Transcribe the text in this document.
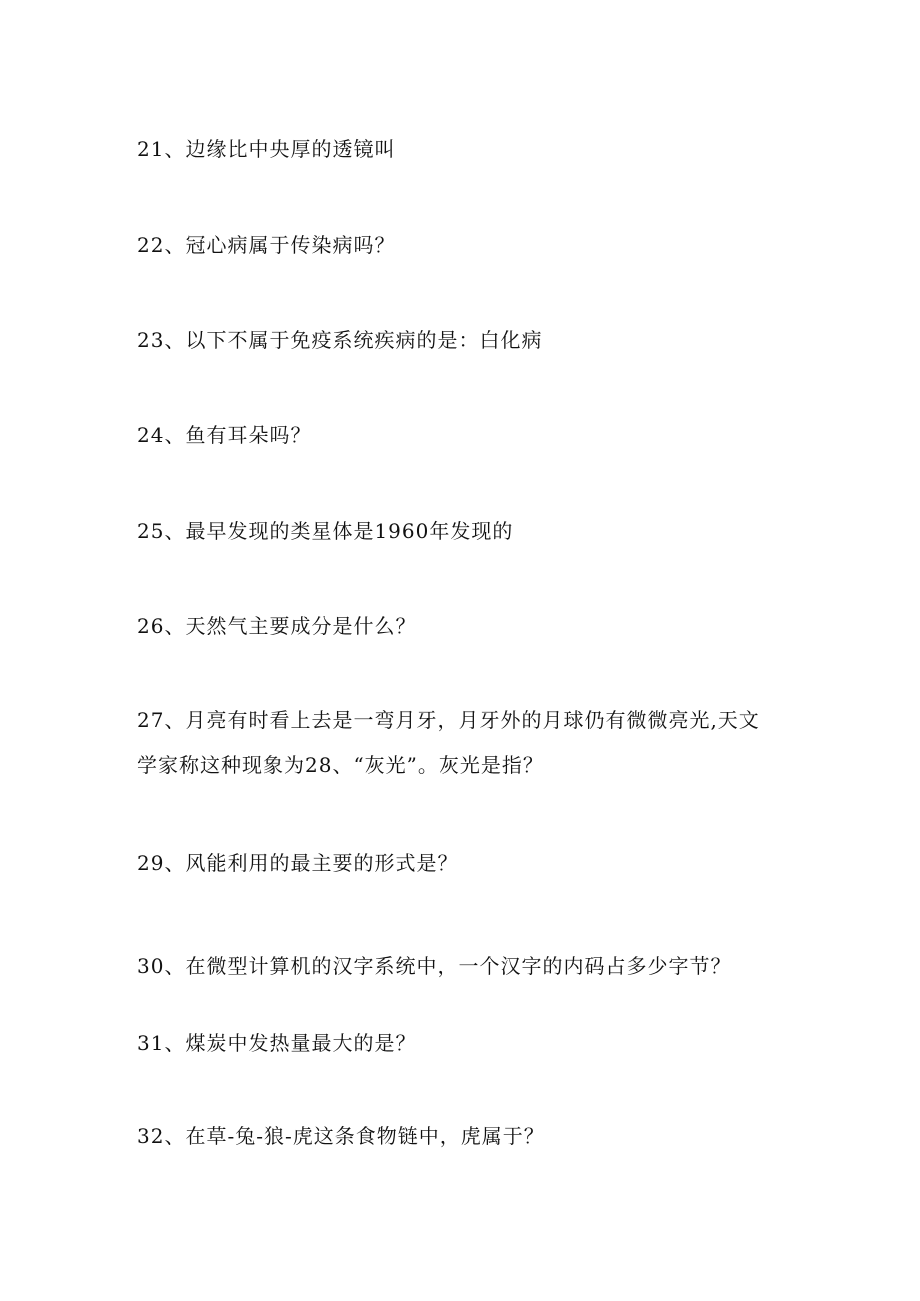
21、边缘比中央厚的透镜叫
22、冠心病属于传染病吗？
23、以下不属于免疫系统疾病的是：白化病
24、鱼有耳朵吗？
25、最早发现的类星体是1960年发现的
26、天然气主要成分是什么？
27、月亮有时看上去是一弯月牙，月牙外的月球仍有微微亮光,天文
学家称这种现象为28、“灰光”。灰光是指？
29、风能利用的最主要的形式是？
30、在微型计算机的汉字系统中，一个汉字的内码占多少字节？
31、煤炭中发热量最大的是？
32、在草-兔-狼-虎这条食物链中，虎属于？
